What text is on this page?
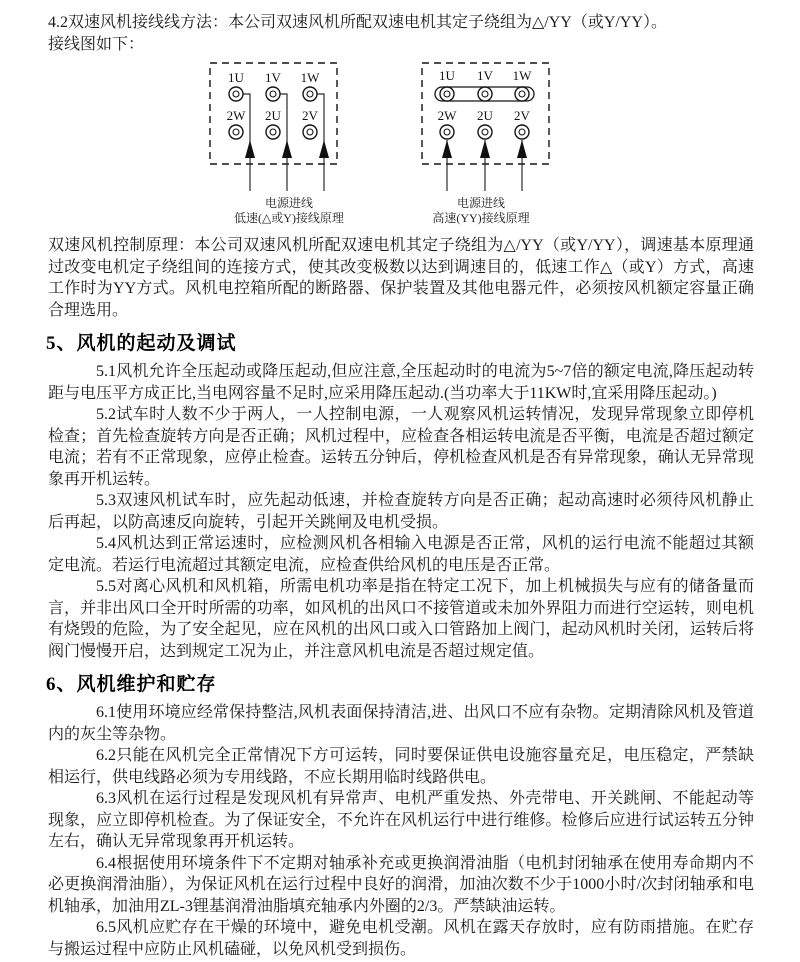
4.2双速风机接线线方法：本公司双速风机所配双速电机其定子绕组为△/YY（或Y/YY）。

接线图如下：

1U 1V 1W
2W 2U 2V
电源进线
低速(△或Y)接线原理
1U 1V 1W
2W 2U 2V
电源进线
高速(YY)接线原理

双速风机控制原理：本公司双速风机所配双速电机其定子绕组为△/YY（或Y/YY），调速基本原理通过改变电机定子绕组间的连接方式，使其改变极数以达到调速目的，低速工作△（或Y）方式，高速工作时为YY方式。风机电控箱所配的断路器、保护装置及其他电器元件，必须按风机额定容量正确合理选用。

5、风机的起动及调试

5.1风机允许全压起动或降压起动,但应注意,全压起动时的电流为5~7倍的额定电流,降压起动转距与电压平方成正比,当电网容量不足时,应采用降压起动.(当功率大于11KW时,宜采用降压起动。)

5.2试车时人数不少于两人，一人控制电源，一人观察风机运转情况，发现异常现象立即停机检查；首先检查旋转方向是否正确；风机过程中，应检查各相运转电流是否平衡，电流是否超过额定电流；若有不正常现象，应停止检查。运转五分钟后，停机检查风机是否有异常现象，确认无异常现象再开机运转。

5.3双速风机试车时，应先起动低速，并检查旋转方向是否正确；起动高速时必须待风机静止后再起，以防高速反向旋转，引起开关跳闸及电机受损。

5.4风机达到正常运速时，应检测风机各相输入电源是否正常，风机的运行电流不能超过其额定电流。若运行电流超过其额定电流，应检查供给风机的电压是否正常。

5.5对离心风机和风机箱，所需电机功率是指在特定工况下，加上机械损失与应有的储备量而言，并非出风口全开时所需的功率，如风机的出风口不接管道或未加外界阻力而进行空运转，则电机有烧毁的危险，为了安全起见，应在风机的出风口或入口管路加上阀门，起动风机时关闭，运转后将阀门慢慢开启，达到规定工况为止，并注意风机电流是否超过规定值。

6、风机维护和贮存

6.1使用环境应经常保持整洁,风机表面保持清洁,进、出风口不应有杂物。定期清除风机及管道内的灰尘等杂物。

6.2只能在风机完全正常情况下方可运转，同时要保证供电设施容量充足，电压稳定，严禁缺相运行，供电线路必须为专用线路，不应长期用临时线路供电。

6.3风机在运行过程是发现风机有异常声、电机严重发热、外壳带电、开关跳闸、不能起动等现象，应立即停机检查。为了保证安全，不允许在风机运行中进行维修。检修后应进行试运转五分钟左右，确认无异常现象再开机运转。

6.4根据使用环境条件下不定期对轴承补充或更换润滑油脂（电机封闭轴承在使用寿命期内不必更换润滑油脂），为保证风机在运行过程中良好的润滑，加油次数不少于1000小时/次封闭轴承和电机轴承，加油用ZL-3锂基润滑油脂填充轴承内外圈的2/3。严禁缺油运转。

6.5风机应贮存在干燥的环境中，避免电机受潮。风机在露天存放时，应有防雨措施。在贮存与搬运过程中应防止风机磕碰，以免风机受到损伤。
